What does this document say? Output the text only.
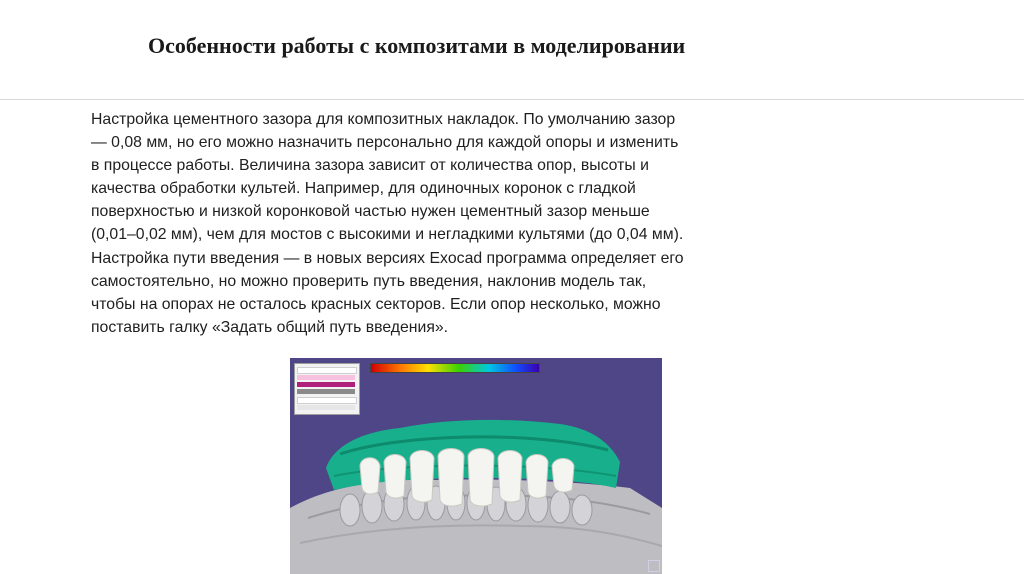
Особенности работы с композитами в моделировании
Настройка цементного зазора для композитных накладок. По умолчанию зазор
— 0,08 мм, но его можно назначить персонально для каждой опоры и изменить
в процессе работы. Величина зазора зависит от количества опор, высоты и
качества обработки культей. Например, для одиночных коронок с гладкой
поверхностью и низкой коронковой частью нужен цементный зазор меньше
(0,01–0,02 мм), чем для мостов с высокими и негладкими культями (до 0,04 мм).
Настройка пути введения — в новых версиях Exocad программа определяет его
самостоятельно, но можно проверить путь введения, наклонив модель так,
чтобы на опорах не осталось красных секторов. Если опор несколько, можно
поставить галку «Задать общий путь введения».
